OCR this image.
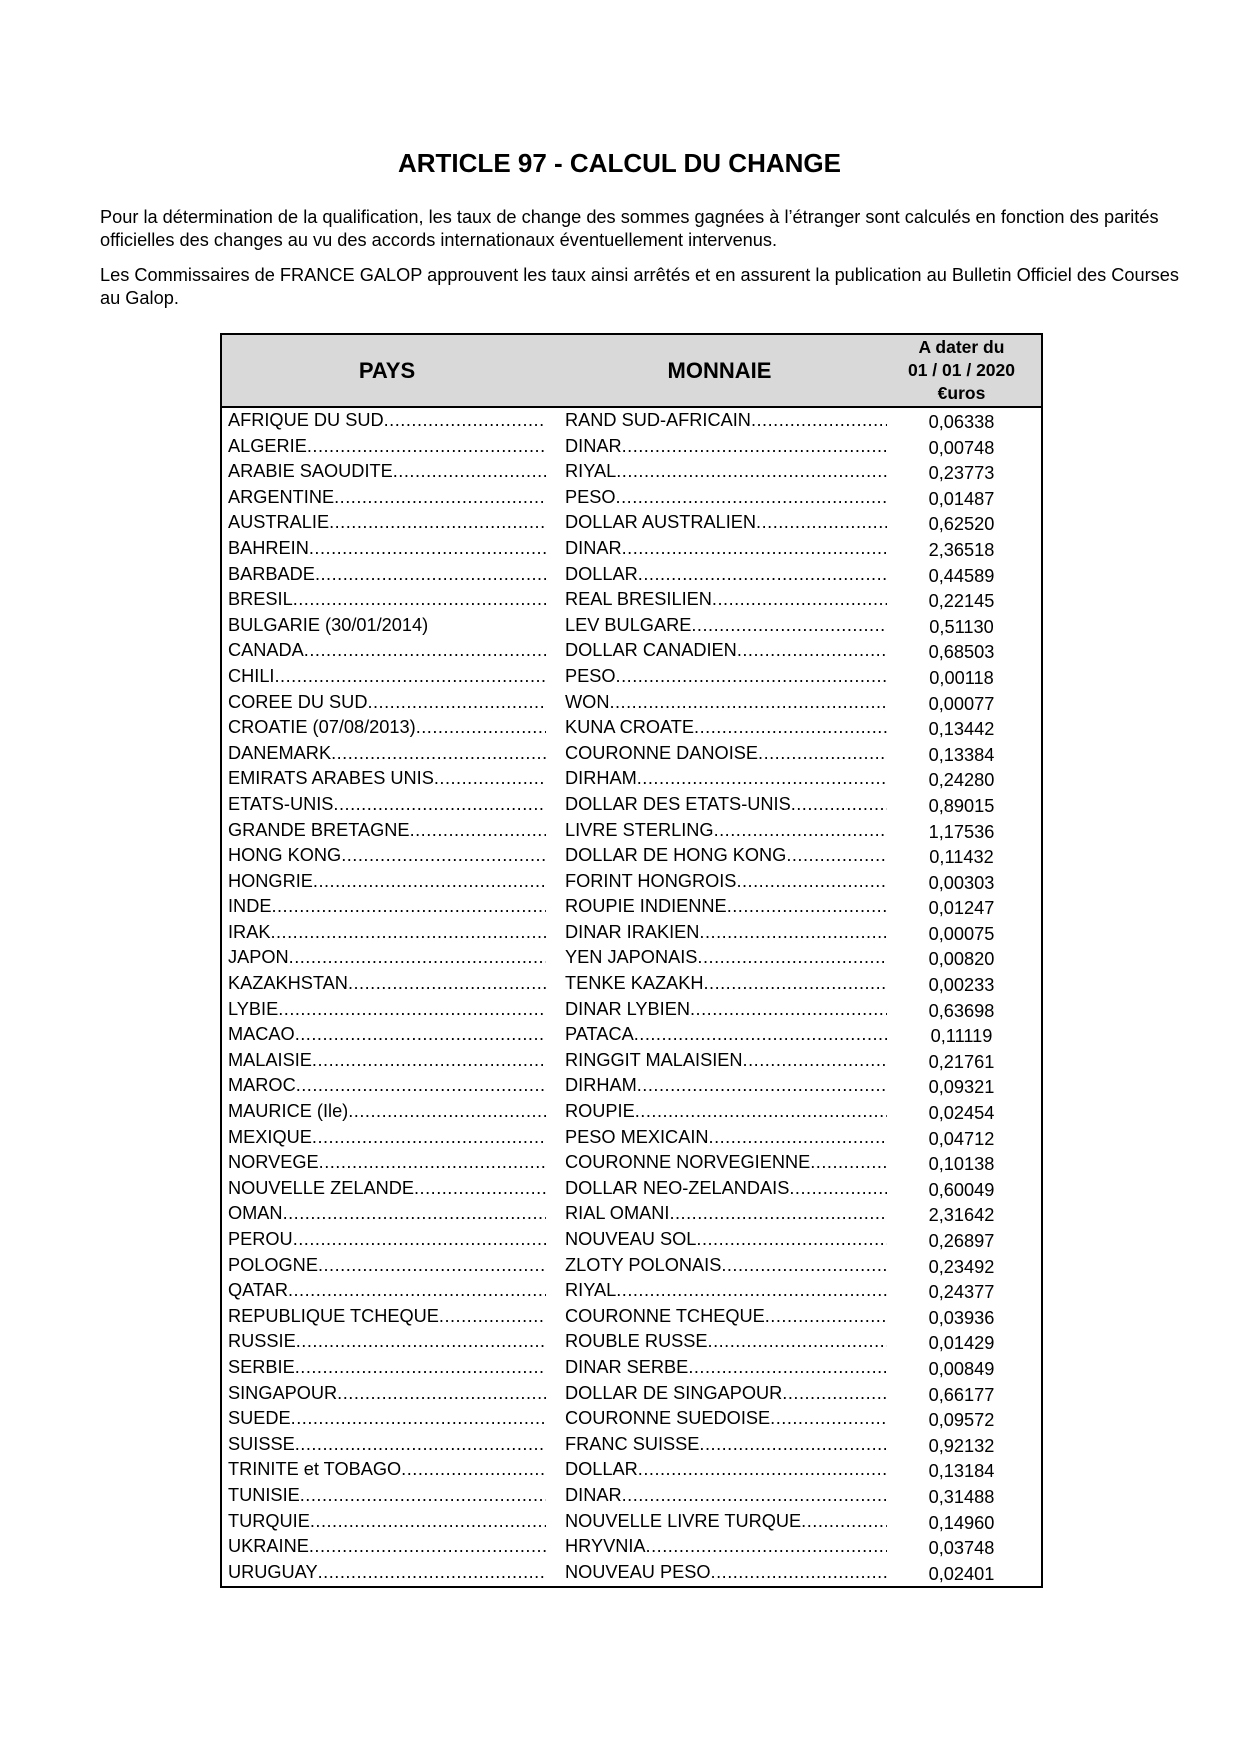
ARTICLE 97 - CALCUL DU CHANGE
Pour la détermination de la qualification, les taux de change des sommes gagnées à l’étranger sont calculés en fonction des parités officielles des changes au vu des accords internationaux éventuellement intervenus.
Les Commissaires de FRANCE GALOP approuvent les taux ainsi arrêtés et en assurent la publication au Bulletin Officiel des Courses au Galop.
PAYS	MONNAIE
A dater du
01 / 01 / 2020
€uros
AFRIQUE DU SUD .....	RAND SUD-AFRICAIN .....	0,06338
ALGERIE .....	DINAR .....	0,00748
ARABIE SAOUDITE .....	RIYAL .....	0,23773
ARGENTINE .....	PESO .....	0,01487
AUSTRALIE .....	DOLLAR AUSTRALIEN .....	0,62520
BAHREIN .....	DINAR .....	2,36518
BARBADE .....	DOLLAR .....	0,44589
BRESIL .....	REAL BRESILIEN .....	0,22145
BULGARIE (30/01/2014)	LEV BULGARE .....	0,51130
CANADA .....	DOLLAR CANADIEN .....	0,68503
CHILI .....	PESO .....	0,00118
COREE DU SUD .....	WON .....	0,00077
CROATIE (07/08/2013) .....	KUNA CROATE .....	0,13442
DANEMARK .....	COURONNE DANOISE .....	0,13384
EMIRATS ARABES UNIS .....	DIRHAM .....	0,24280
ETATS-UNIS .....	DOLLAR DES ETATS-UNIS .....	0,89015
GRANDE BRETAGNE .....	LIVRE STERLING .....	1,17536
HONG KONG .....	DOLLAR DE HONG KONG .....	0,11432
HONGRIE .....	FORINT HONGROIS .....	0,00303
INDE .....	ROUPIE INDIENNE .....	0,01247
IRAK .....	DINAR IRAKIEN .....	0,00075
JAPON .....	YEN JAPONAIS .....	0,00820
KAZAKHSTAN .....	TENKE KAZAKH .....	0,00233
LYBIE .....	DINAR LYBIEN .....	0,63698
MACAO .....	PATACA .....	0,11119
MALAISIE .....	RINGGIT MALAISIEN .....	0,21761
MAROC .....	DIRHAM .....	0,09321
MAURICE (Ile) .....	ROUPIE .....	0,02454
MEXIQUE .....	PESO MEXICAIN .....	0,04712
NORVEGE .....	COURONNE NORVEGIENNE .....	0,10138
NOUVELLE ZELANDE .....	DOLLAR NEO-ZELANDAIS .....	0,60049
OMAN .....	RIAL OMANI .....	2,31642
PEROU .....	NOUVEAU SOL .....	0,26897
POLOGNE .....	ZLOTY POLONAIS .....	0,23492
QATAR .....	RIYAL .....	0,24377
REPUBLIQUE TCHEQUE .....	COURONNE TCHEQUE .....	0,03936
RUSSIE .....	ROUBLE RUSSE .....	0,01429
SERBIE .....	DINAR SERBE .....	0,00849
SINGAPOUR .....	DOLLAR DE SINGAPOUR .....	0,66177
SUEDE .....	COURONNE SUEDOISE .....	0,09572
SUISSE .....	FRANC SUISSE .....	0,92132
TRINITE et TOBAGO .....	DOLLAR .....	0,13184
TUNISIE .....	DINAR .....	0,31488
TURQUIE .....	NOUVELLE LIVRE TURQUE .....	0,14960
UKRAINE .....	HRYVNIA .....	0,03748
URUGUAY .....	NOUVEAU PESO .....	0,02401
